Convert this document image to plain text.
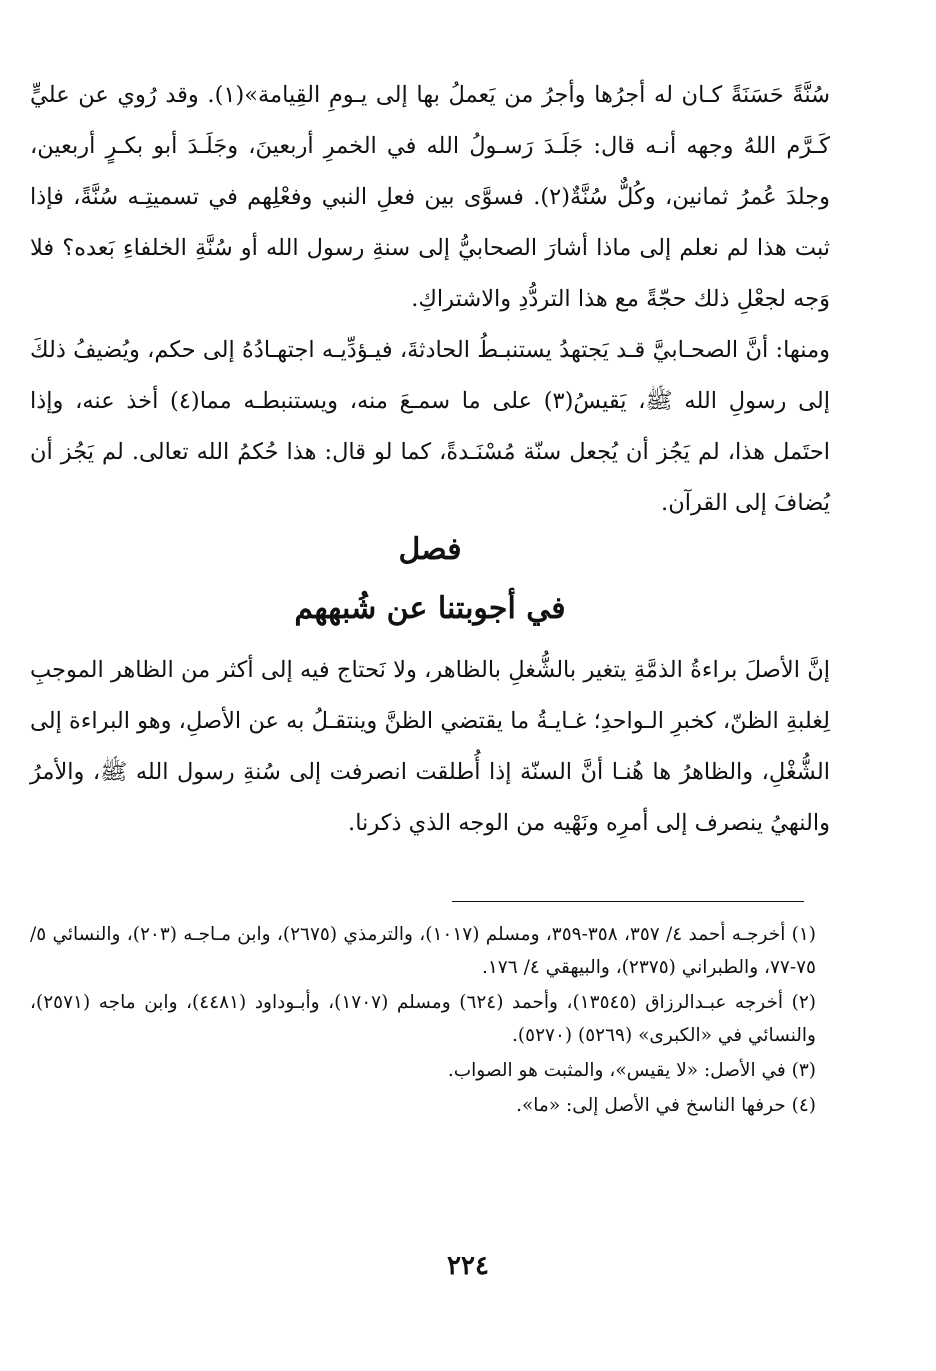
سُنَّةً حَسَنَةً كـان له أجرُها وأجرُ من يَعملُ بها إلى يـومِ القِيامة»(١). وقد رُوي عن عليٍّ كَـرَّم اللهُ وجهه أنـه قال: جَلَـدَ رَسـولُ الله في الخمرِ أربعينَ، وجَلَـدَ أبو بكـرٍ أربعين، وجلدَ عُمرُ ثمانين، وكُلٌّ سُنَّةٌ(٢). فسوَّى بين فعلِ النبي وفعْلِهم في تسميتِـه سُنَّةً، فإذا ثبت هذا لم نعلم إلى ماذا أشارَ الصحابيُّ إلى سنةِ رسول الله أو سُنَّةِ الخلفاءِ بَعده؟ فلا وَجه لجعْلِ ذلك حجّةً مع هذا التردُّدِ والاشتراكِ.

ومنها: أنَّ الصحـابيَّ قـد يَجتهدُ يستنبـطُ الحادثةَ، فيـؤدِّيـه اجتهـادُهُ إلى حكم، ويُضيفُ ذلكَ إلى رسولِ الله ﷺ، يَقيسُ(٣) على ما سمـعَ منه، ويستنبطـه مما(٤) أخذ عنه، وإذا احتَمل هذا، لم يَجُز أن يُجعل سنّة مُسْنَـدةً، كما لو قال: هذا حُكمُ الله تعالى. لم يَجُز أن يُضافَ إلى القرآن.

فصل
في أجوبتنا عن شُبههم

إنَّ الأصلَ براءةُ الذمَّةِ يتغير بالشُّغلِ بالظاهر، ولا نَحتاج فيه إلى أكثر من الظاهر الموجبِ لِغلبةِ الظنّ، كخبرِ الـواحدِ؛ غـايـةُ ما يقتضي الظنَّ وينتقـلُ به عن الأصلِ، وهو البراءة إلى الشُّغْلِ، والظاهرُ ها هُنـا أنَّ السنّة إذا أُطلقت انصرفت إلى سُنةِ رسول الله ﷺ، والأمرُ والنهيُ ينصرف إلى أمرِه ونَهْيه من الوجه الذي ذكرنا.

(١) أخرجـه أحمد ٤/ ٣٥٧، ٣٥٨-٣٥٩، ومسلم (١٠١٧)، والترمذي (٢٦٧٥)، وابن مـاجـه (٢٠٣)، والنسائي ٥/ ٧٥-٧٧، والطبراني (٢٣٧٥)، والبيهقي ٤/ ١٧٦.

(٢) أخرجه عبـدالرزاق (١٣٥٤٥)، وأحمد (٦٢٤) ومسلم (١٧٠٧)، وأبـوداود (٤٤٨١)، وابن ماجه (٢٥٧١)، والنسائي في «الكبرى» (٥٢٦٩) (٥٢٧٠).

(٣) في الأصل: «لا يقيس»، والمثبت هو الصواب.

(٤) حرفها الناسخ في الأصل إلى: «ما».

٢٢٤
